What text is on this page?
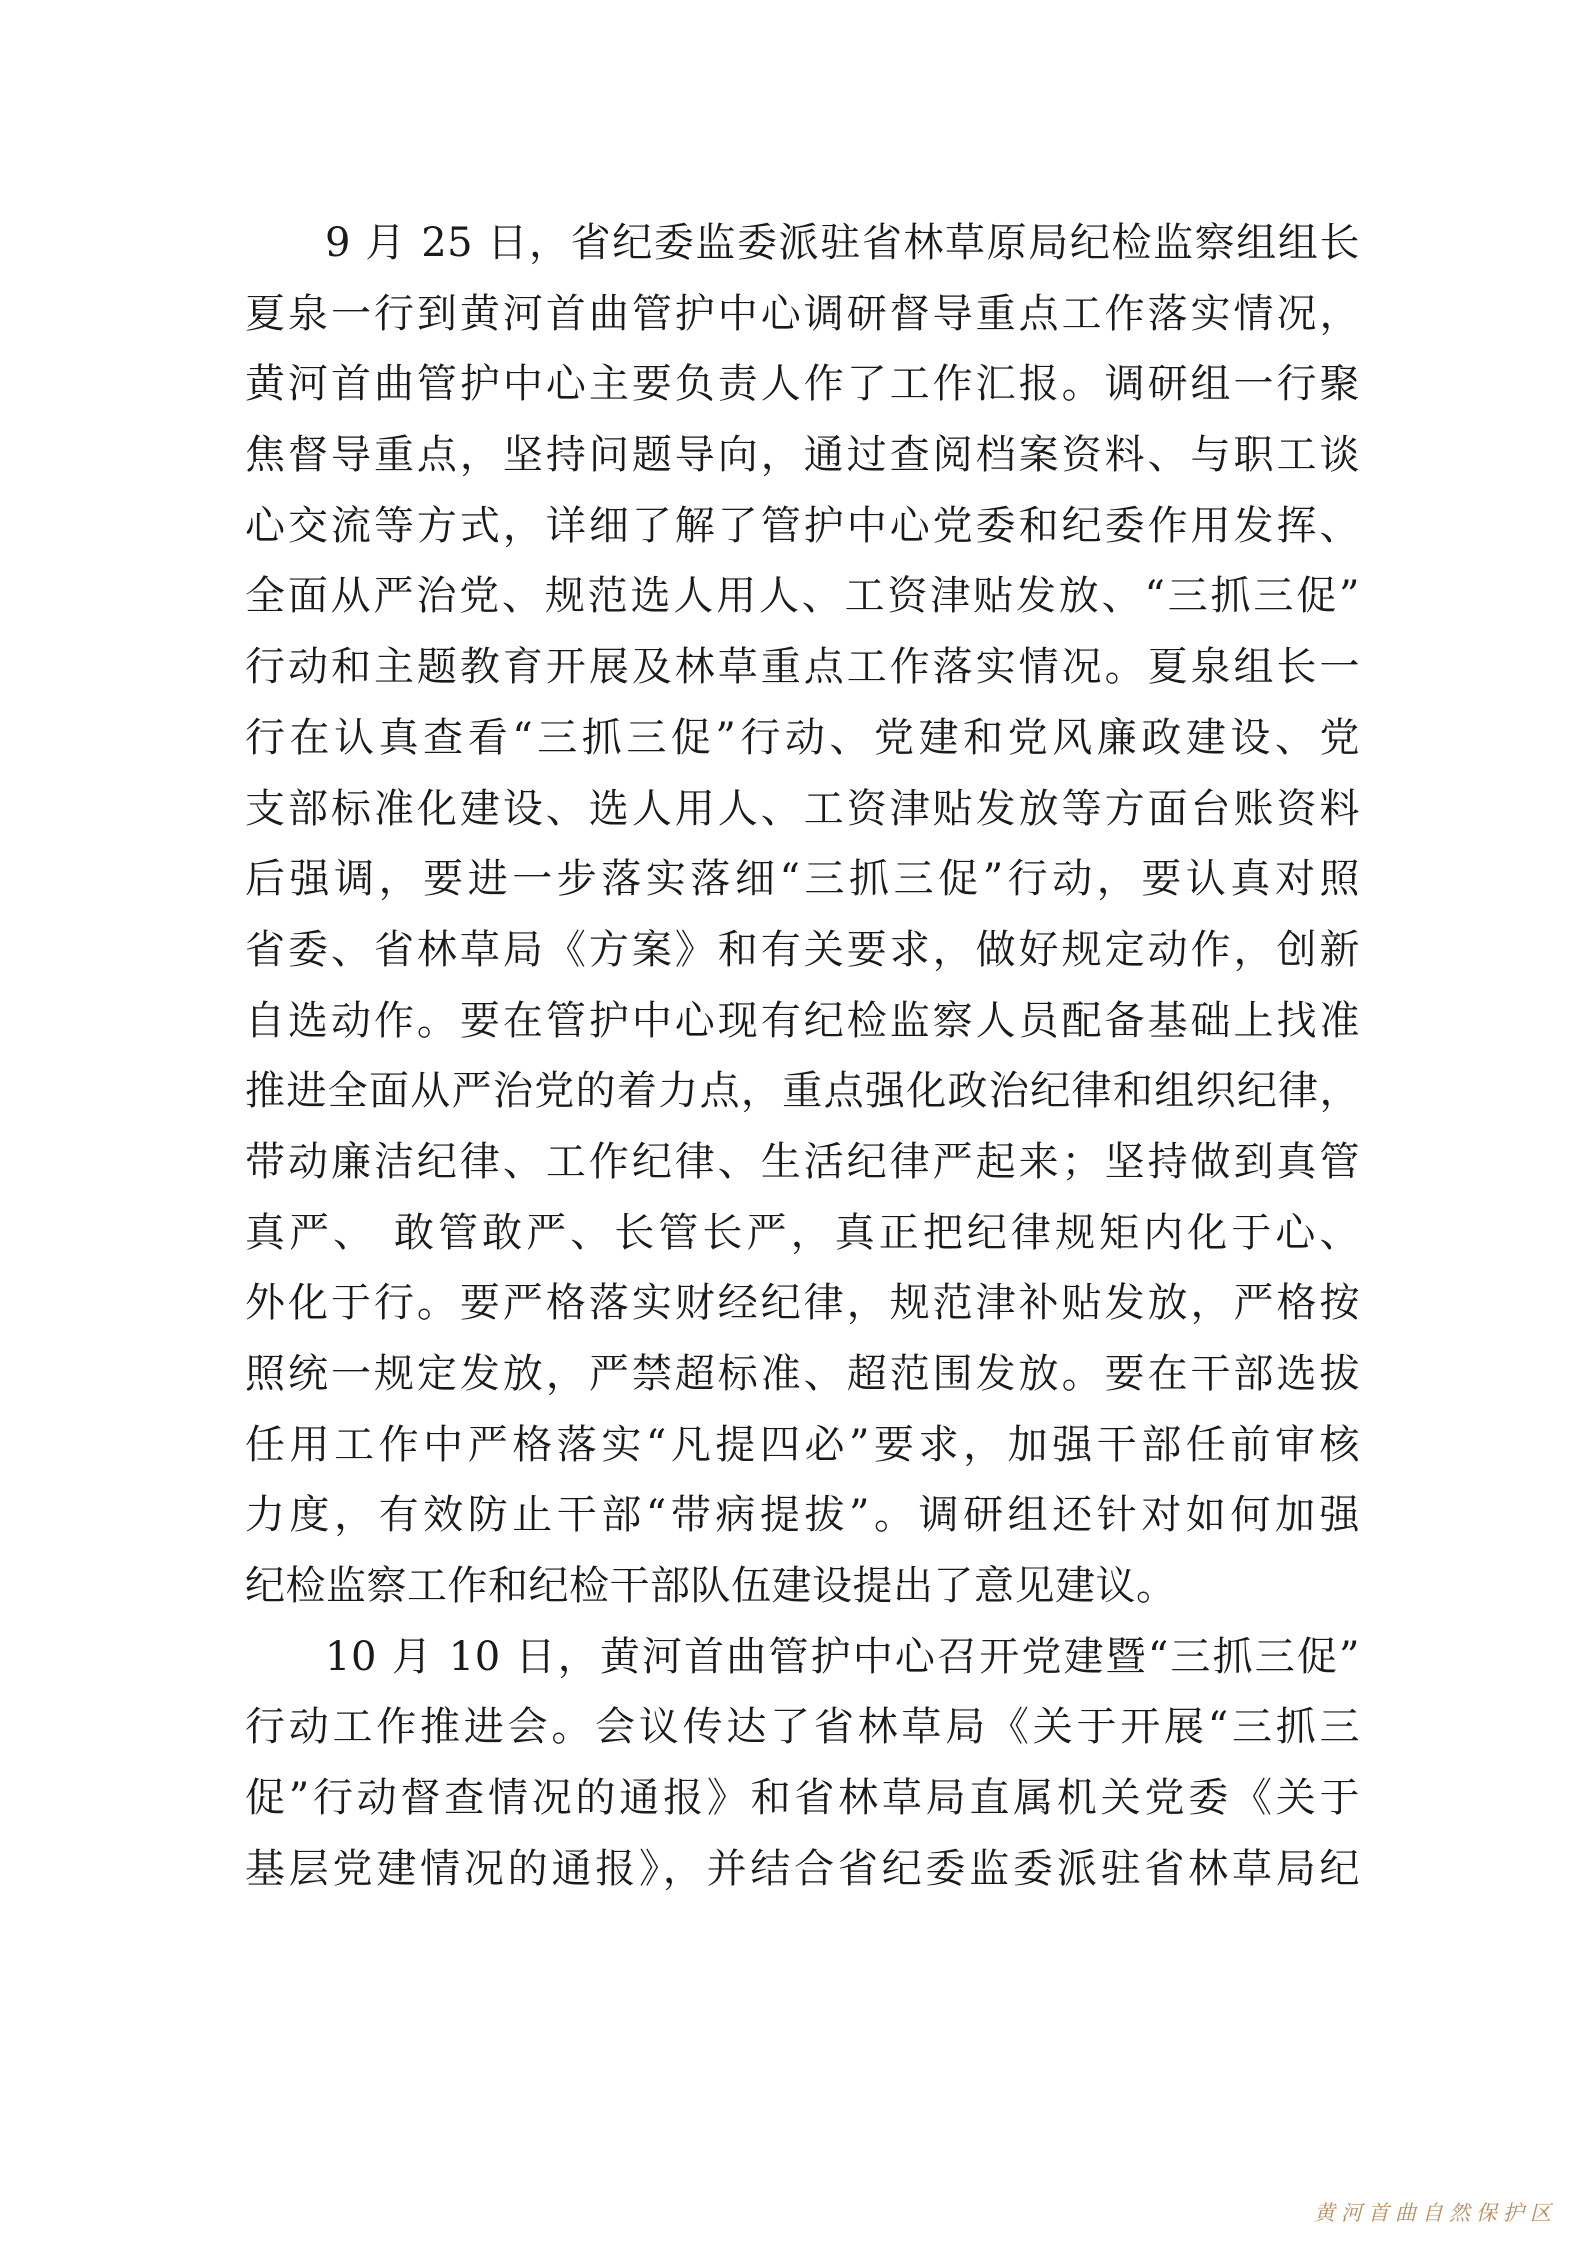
9 月 25 日，省纪委监委派驻省林草原局纪检监察组组长
夏泉一行到黄河首曲管护中心调研督导重点工作落实情况，
黄河首曲管护中心主要负责人作了工作汇报。调研组一行聚
焦督导重点，坚持问题导向，通过查阅档案资料、与职工谈
心交流等方式，详细了解了管护中心党委和纪委作用发挥、
全面从严治党、规范选人用人、工资津贴发放、“三抓三促”
行动和主题教育开展及林草重点工作落实情况。夏泉组长一
行在认真查看“三抓三促”行动、党建和党风廉政建设、党
支部标准化建设、选人用人、工资津贴发放等方面台账资料
后强调，要进一步落实落细“三抓三促”行动，要认真对照
省委、省林草局《方案》和有关要求，做好规定动作，创新
自选动作。要在管护中心现有纪检监察人员配备基础上找准
推进全面从严治党的着力点，重点强化政治纪律和组织纪律，
带动廉洁纪律、工作纪律、生活纪律严起来；坚持做到真管
真严、 敢管敢严、长管长严，真正把纪律规矩内化于心、
外化于行。要严格落实财经纪律，规范津补贴发放，严格按
照统一规定发放，严禁超标准、超范围发放。要在干部选拔
任用工作中严格落实“凡提四必”要求，加强干部任前审核
力度，有效防止干部“带病提拔”。调研组还针对如何加强
纪检监察工作和纪检干部队伍建设提出了意见建议。
10 月 10 日，黄河首曲管护中心召开党建暨“三抓三促”
行动工作推进会。会议传达了省林草局《关于开展“三抓三
促”行动督查情况的通报》和省林草局直属机关党委《关于
基层党建情况的通报》，并结合省纪委监委派驻省林草局纪
黄河首曲自然保护区
